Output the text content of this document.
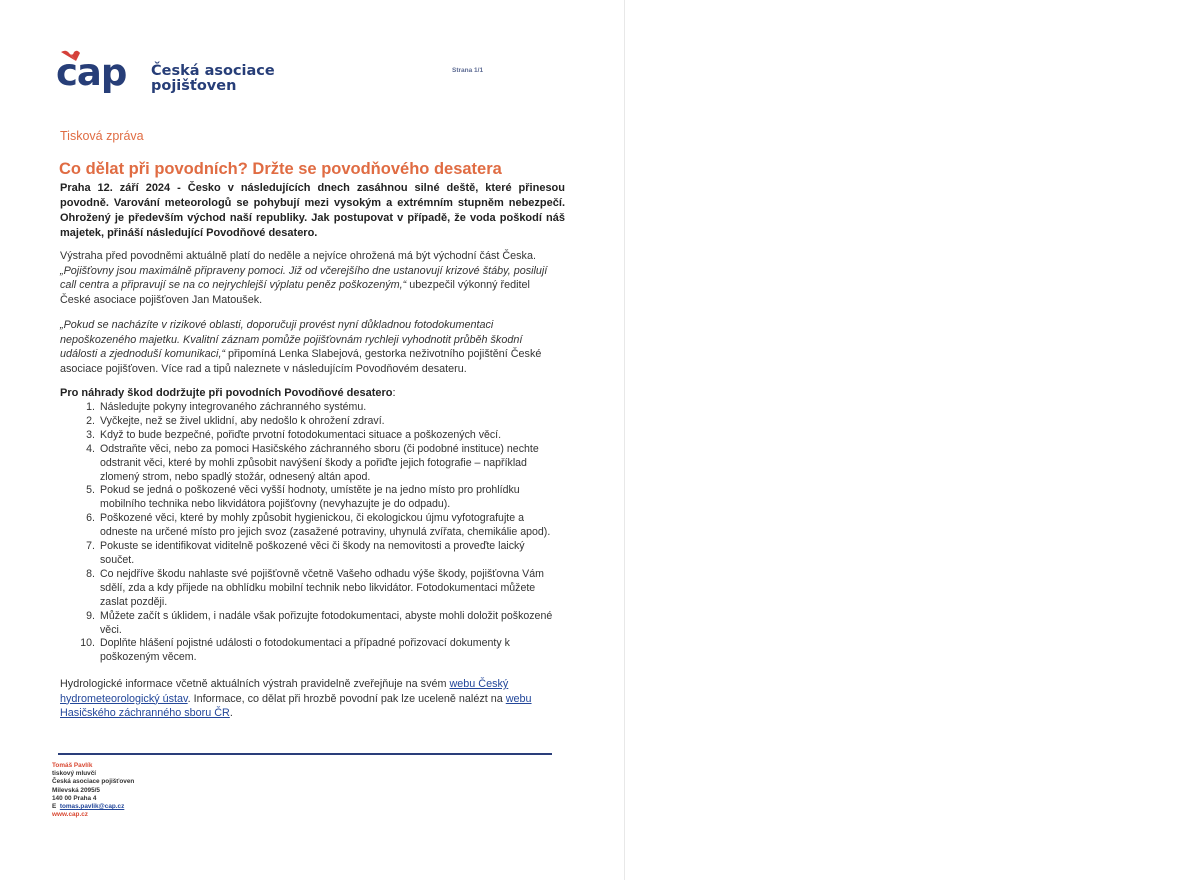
cap Česká asociace
pojišťoven
Strana 1/1
Tisková zpráva
Co dělat při povodních? Držte se povodňového desatera
Praha 12. září 2024 - Česko v následujících dnech zasáhnou silné deště, které přinesou povodně. Varování meteorologů se pohybují mezi vysokým a extrémním stupněm nebezpečí. Ohrožený je především východ naší republiky. Jak postupovat v případě, že voda poškodí náš majetek, přináší následující Povodňové desatero.
Výstraha před povodněmi aktuálně platí do neděle a nejvíce ohrožená má být východní část Česka. „Pojišťovny jsou maximálně připraveny pomoci. Již od včerejšího dne ustanovují krizové štáby, posilují call centra a připravují se na co nejrychlejší výplatu peněz poškozeným,“ ubezpečil výkonný ředitel České asociace pojišťoven Jan Matoušek.
„Pokud se nacházíte v rizikové oblasti, doporučuji provést nyní důkladnou fotodokumentaci nepoškozeného majetku. Kvalitní záznam pomůže pojišťovnám rychleji vyhodnotit průběh škodní události a zjednoduší komunikaci,“ připomíná Lenka Slabejová, gestorka neživotního pojištění České asociace pojišťoven. Více rad a tipů naleznete v následujícím Povodňovém desateru.
Pro náhrady škod dodržujte při povodních Povodňové desatero:
1. Následujte pokyny integrovaného záchranného systému.
2. Vyčkejte, než se živel uklidní, aby nedošlo k ohrožení zdraví.
3. Když to bude bezpečné, pořiďte prvotní fotodokumentaci situace a poškozených věcí.
4. Odstraňte věci, nebo za pomoci Hasičského záchranného sboru (či podobné instituce) nechte odstranit věci, které by mohli způsobit navýšení škody a pořiďte jejich fotografie – například zlomený strom, nebo spadlý stožár, odnesený altán apod.
5. Pokud se jedná o poškozené věci vyšší hodnoty, umístěte je na jedno místo pro prohlídku mobilního technika nebo likvidátora pojišťovny (nevyhazujte je do odpadu).
6. Poškozené věci, které by mohly způsobit hygienickou, či ekologickou újmu vyfotografujte a odneste na určené místo pro jejich svoz (zasažené potraviny, uhynulá zvířata, chemikálie apod).
7. Pokuste se identifikovat viditelně poškozené věci či škody na nemovitosti a proveďte laický součet.
8. Co nejdříve škodu nahlaste své pojišťovně včetně Vašeho odhadu výše škody, pojišťovna Vám sdělí, zda a kdy přijede na obhlídku mobilní technik nebo likvidátor. Fotodokumentaci můžete zaslat později.
9. Můžete začít s úklidem, i nadále však pořizujte fotodokumentaci, abyste mohli doložit poškozené věci.
10. Doplňte hlášení pojistné události o fotodokumentaci a případné pořizovací dokumenty k poškozeným věcem.
Hydrologické informace včetně aktuálních výstrah pravidelně zveřejňuje na svém webu Český hydrometeorologický ústav. Informace, co dělat při hrozbě povodní pak lze uceleně nalézt na webu Hasičského záchranného sboru ČR.
Tomáš Pavlík
tiskový mluvčí
Česká asociace pojišťoven
Milevská 2095/5
140 00 Praha 4
E tomas.pavlik@cap.cz
www.cap.cz
